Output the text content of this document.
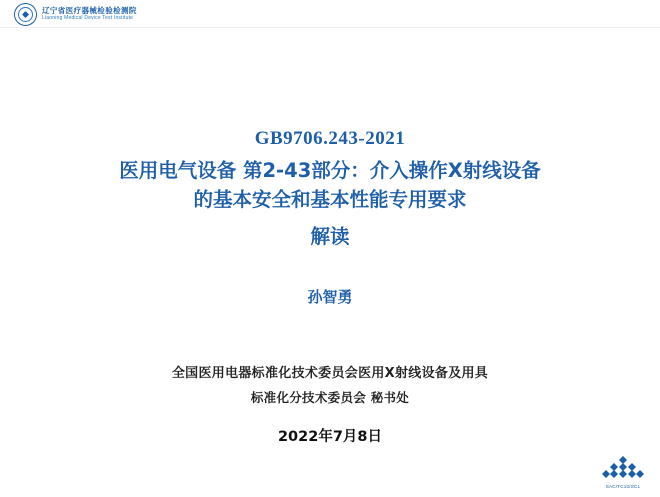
辽宁省医疗器械检验检测院
Liaoning Medical Device Test Institute
GB9706.243-2021
医用电气设备 第2-43部分：介入操作X射线设备
的基本安全和基本性能专用要求
解读
孙智勇
全国医用电器标准化技术委员会医用X射线设备及用具
标准化分技术委员会 秘书处
2022年7月8日
SAC/TC10/SC1
